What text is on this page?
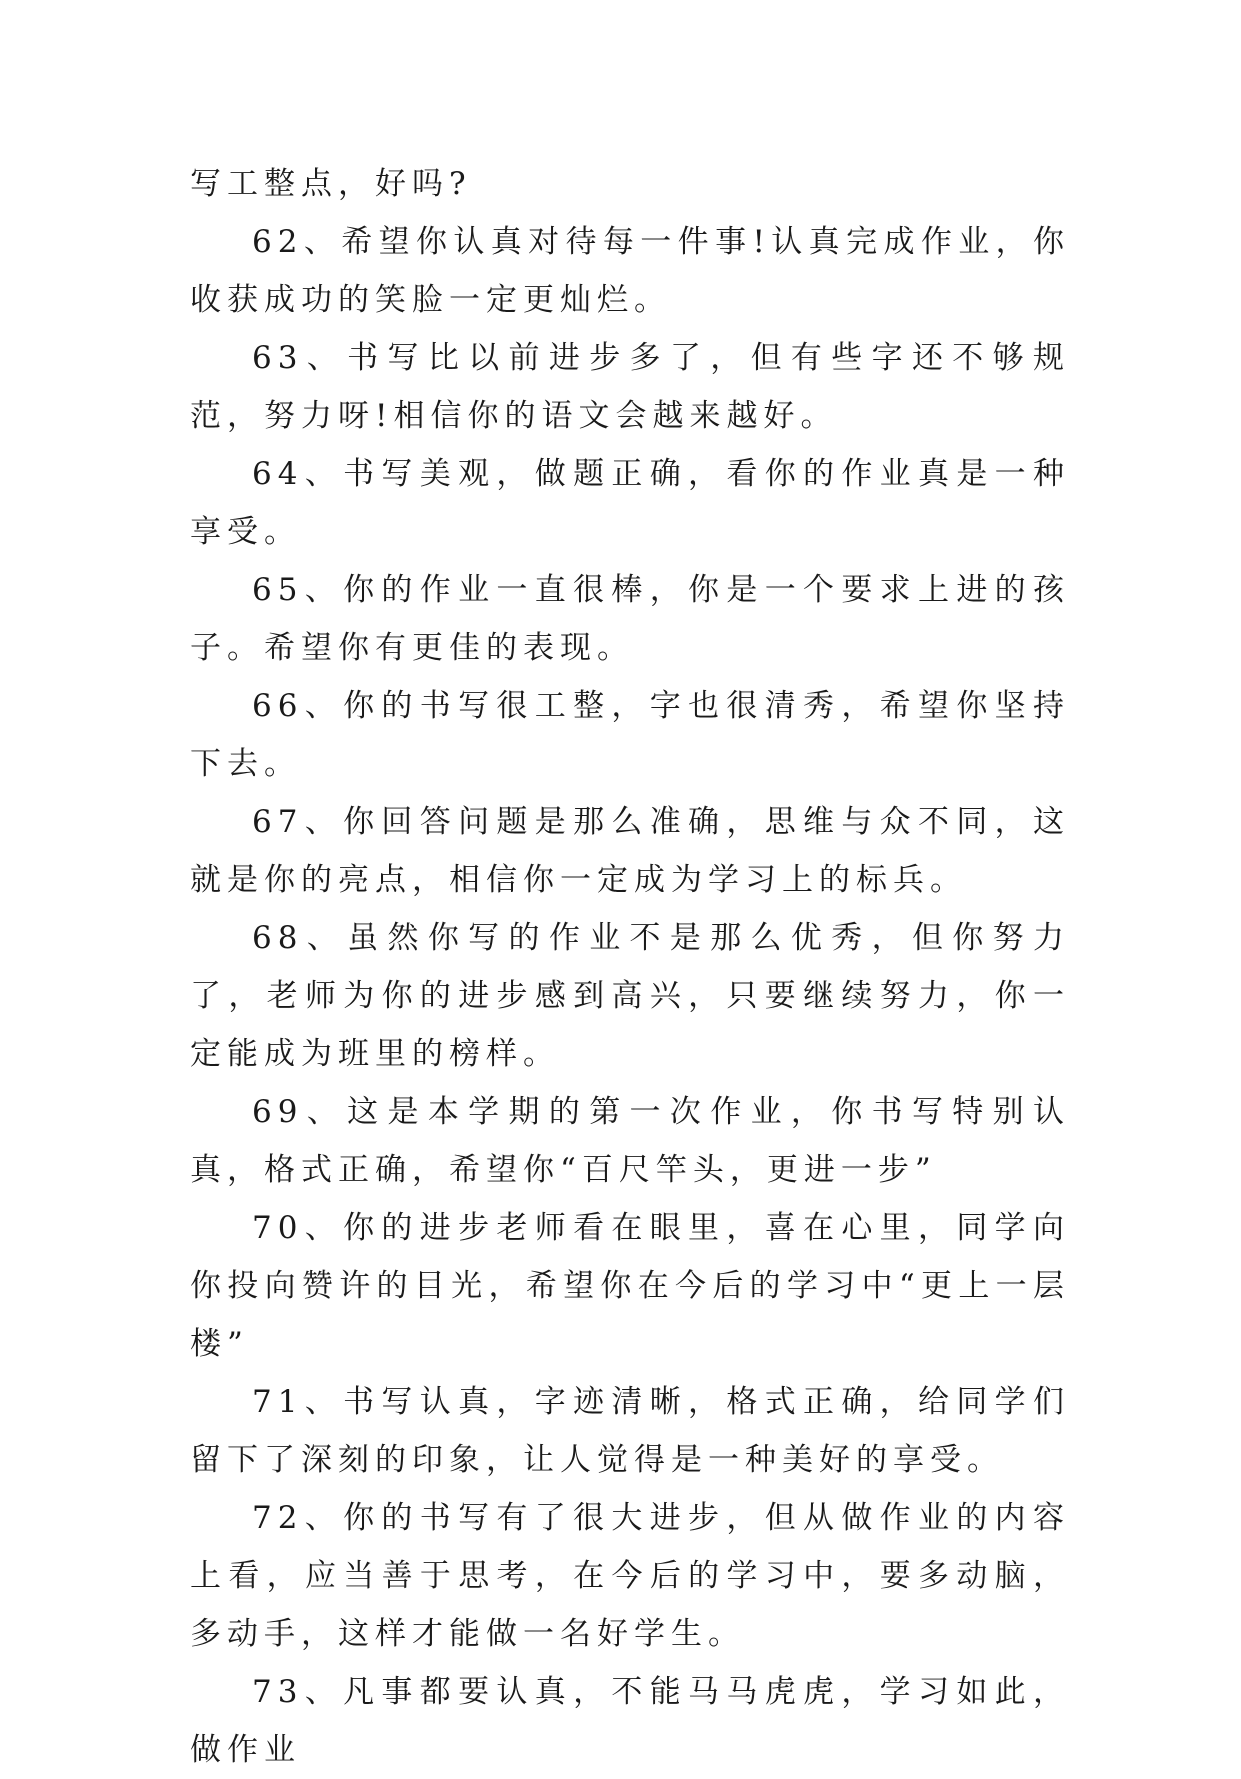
写工整点，好吗?

62、希望你认真对待每一件事!认真完成作业，你收获成功的笑脸一定更灿烂。

63、书写比以前进步多了，但有些字还不够规范，努力呀!相信你的语文会越来越好。

64、书写美观，做题正确，看你的作业真是一种享受。

65、你的作业一直很棒，你是一个要求上进的孩子。希望你有更佳的表现。

66、你的书写很工整，字也很清秀，希望你坚持下去。

67、你回答问题是那么准确，思维与众不同，这就是你的亮点，相信你一定成为学习上的标兵。

68、虽然你写的作业不是那么优秀，但你努力了，老师为你的进步感到高兴，只要继续努力，你一定能成为班里的榜样。

69、这是本学期的第一次作业，你书写特别认真，格式正确，希望你“百尺竿头，更进一步”

70、你的进步老师看在眼里，喜在心里，同学向你投向赞许的目光，希望你在今后的学习中“更上一层楼”

71、书写认真，字迹清晰，格式正确，给同学们留下了深刻的印象，让人觉得是一种美好的享受。

72、你的书写有了很大进步，但从做作业的内容上看，应当善于思考，在今后的学习中，要多动脑，多动手，这样才能做一名好学生。

73、凡事都要认真，不能马马虎虎，学习如此，做作业
